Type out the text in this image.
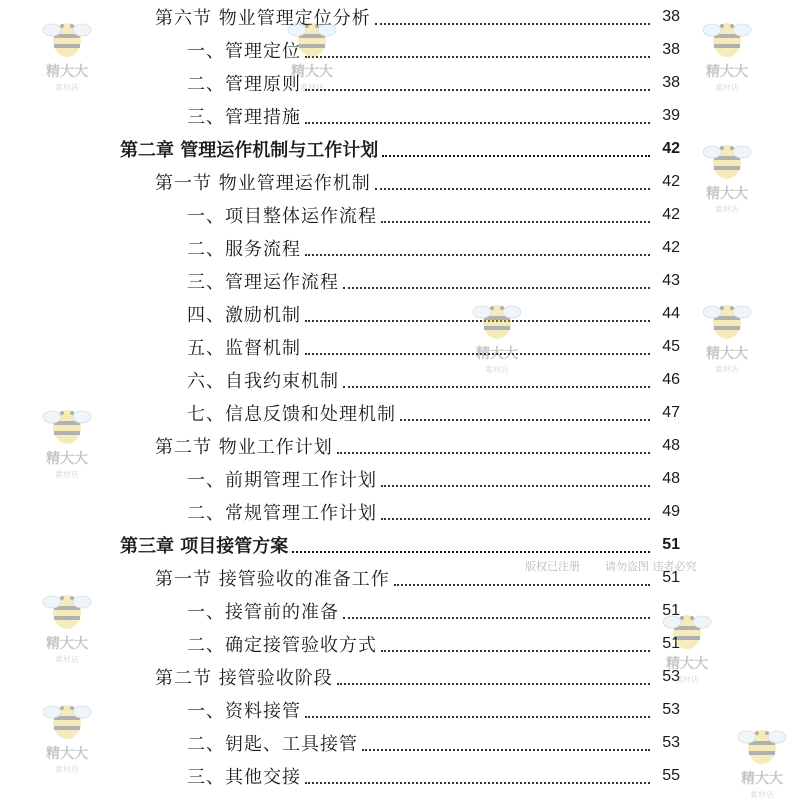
第六节 物业管理定位分析	38
一、管理定位	38
二、管理原则	38
三、管理措施	39
第二章 管理运作机制与工作计划	42
第一节 物业管理运作机制	42
一、项目整体运作流程	42
二、服务流程	42
三、管理运作流程	43
四、激励机制	44
五、监督机制	45
六、自我约束机制	46
七、信息反馈和处理机制	47
第二节 物业工作计划	48
一、前期管理工作计划	48
二、常规管理工作计划	49
第三章 项目接管方案	51
第一节 接管验收的准备工作	51
一、接管前的准备	51
二、确定接管验收方式	51
第二节 接管验收阶段	53
一、资料接管	53
二、钥匙、工具接管	53
三、其他交接	55
精大大
素材店
精大大
素材店
精大大
素材店
精大大
素材店
精大大
素材店
精大大
素材店
精大大
素材店
精大大
素材店	精大大
素材店
精大大
素材店
精大大
素材店
版权已注册 请勿盗图 违者必究
